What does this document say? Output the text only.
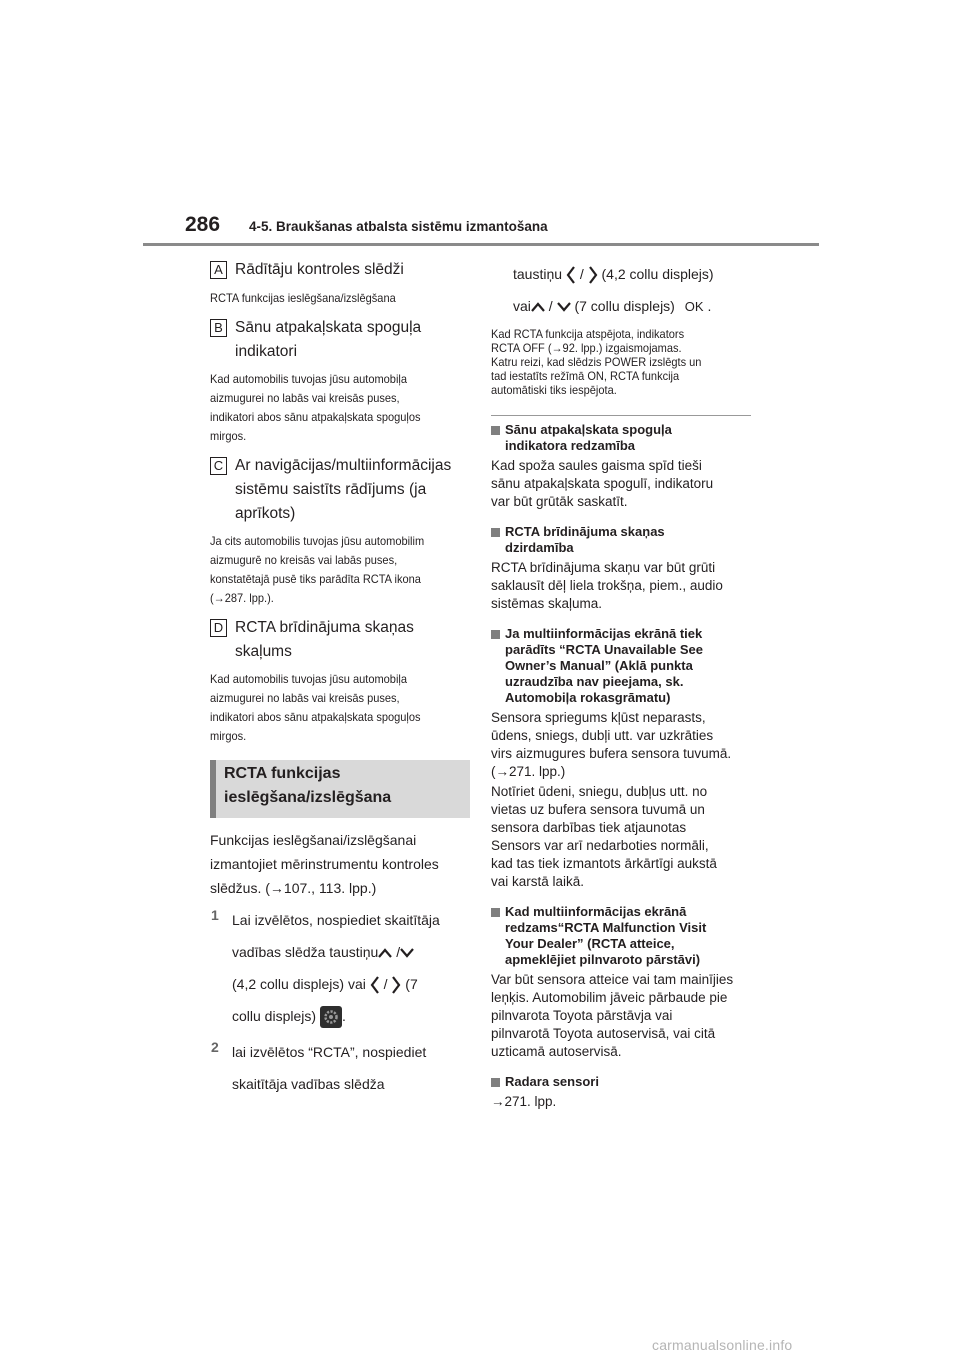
286 4-5. Braukšanas atbalsta sistēmu izmantošana
A Rādītāju kontroles slēdži
RCTA funkcijas ieslēgšana/izslēgšana
B Sānu atpakaļskata spoguļa
indikatori
Kad automobilis tuvojas jūsu automobiļa
aizmugurei no labās vai kreisās puses,
indikatori abos sānu atpakaļskata spoguļos
mirgos.
C Ar navigācijas/multiinformācijas
sistēmu saistīts rādījums (ja
aprīkots)
Ja cits automobilis tuvojas jūsu automobilim
aizmugurē no kreisās vai labās puses,
konstatētajā pusē tiks parādīta RCTA ikona
(→287. lpp.).
D RCTA brīdinājuma skaņas
skaļums
Kad automobilis tuvojas jūsu automobiļa
aizmugurei no labās vai kreisās puses,
indikatori abos sānu atpakaļskata spoguļos
mirgos.
RCTA funkcijas
ieslēgšana/izslēgšana
Funkcijas ieslēgšanai/izslēgšanai
izmantojiet mērinstrumentu kontroles
slēdžus. (→107., 113. lpp.)
1 Lai izvēlētos, nospiediet skaitītāja
vadības slēdža taustiņu /
(4,2 collu displejs) vai  /  (7
collu displejs) .
2 lai izvēlētos “RCTA”, nospiediet
skaitītāja vadības slēdža
taustiņu  /  (4,2 collu displejs)
vai /  (7 collu displejs) OK .
Kad RCTA funkcija atspējota, indikators
RCTA OFF (→92. lpp.) izgaismojamas.
Katru reizi, kad slēdzis POWER izslēgts un
tad iestatīts režīmā ON, RCTA funkcija
automātiski tiks iespējota.
Sānu atpakaļskata spoguļa
indikatora redzamība
Kad spoža saules gaisma spīd tieši
sānu atpakaļskata spogulī, indikatoru
var būt grūtāk saskatīt.
RCTA brīdinājuma skaņas
dzirdamība
RCTA brīdinājuma skaņu var būt grūti
saklausīt dēļ liela trokšņa, piem., audio
sistēmas skaļuma.
Ja multiinformācijas ekrānā tiek
parādīts “RCTA Unavailable See
Owner’s Manual” (Aklā punkta
uzraudzība nav pieejama, sk.
Automobiļa rokasgrāmatu)
Sensora spriegums kļūst neparasts,
ūdens, sniegs, dubļi utt. var uzkrāties
virs aizmugures bufera sensora tuvumā.
(→271. lpp.)
Notīriet ūdeni, sniegu, dubļus utt. no
vietas uz bufera sensora tuvumā un
sensora darbības tiek atjaunotas
Sensors var arī nedarboties normāli,
kad tas tiek izmantots ārkārtīgi aukstā
vai karstā laikā.
Kad multiinformācijas ekrānā
redzams“RCTA Malfunction Visit
Your Dealer” (RCTA atteice,
apmeklējiet pilnvaroto pārstāvi)
Var būt sensora atteice vai tam mainījies
leņķis. Automobilim jāveic pārbaude pie
pilnvarota Toyota pārstāvja vai
pilnvarotā Toyota autoservisā, vai citā
uzticamā autoservisā.
Radara sensori
→271. lpp.
carmanualsonline.info
